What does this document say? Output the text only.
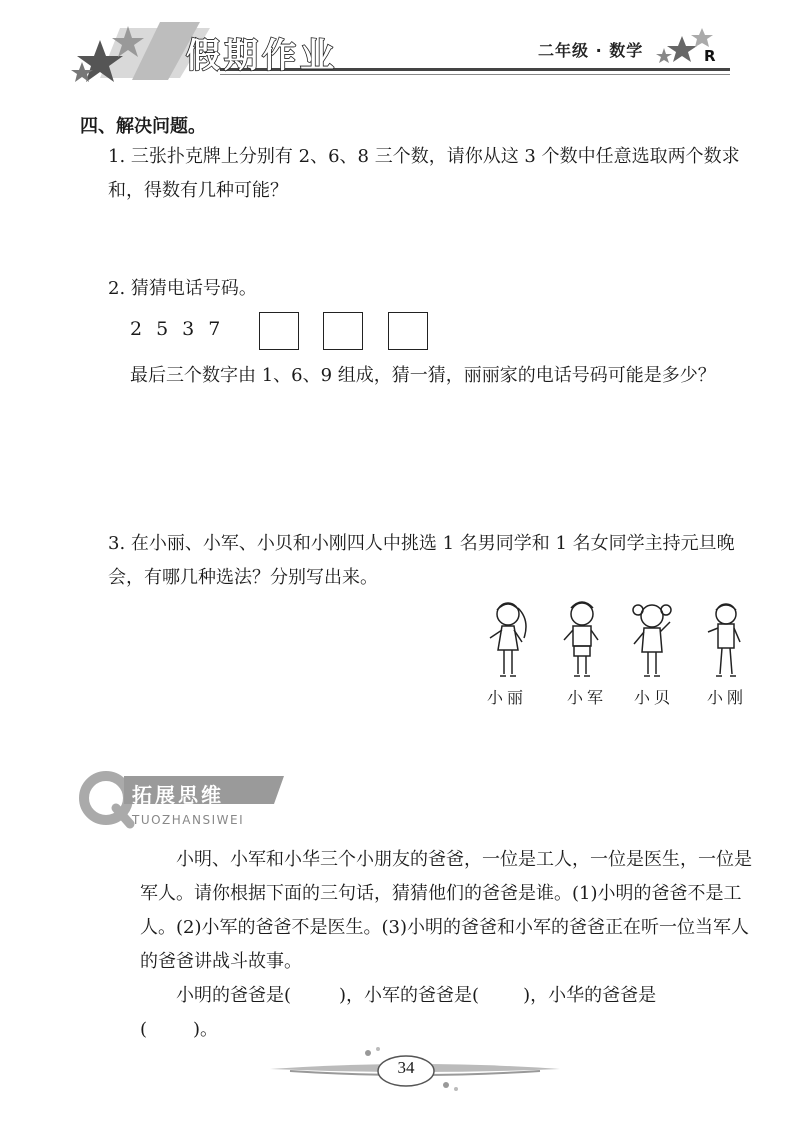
假期作业	二年级 · 数学	R
四、解决问题。
1. 三张扑克牌上分别有 2、6、8 三个数，请你从这 3 个数中任意选取两个数求和，得数有几种可能？
2. 猜猜电话号码。
2537
最后三个数字由 1、6、9 组成，猜一猜，丽丽家的电话号码可能是多少？
3. 在小丽、小军、小贝和小刚四人中挑选 1 名男同学和 1 名女同学主持元旦晚会，有哪几种选法？分别写出来。
小丽 小军 小贝 小刚
拓展思维
TUOZHANSIWEI
小明、小军和小华三个小朋友的爸爸，一位是工人，一位是医生，一位是军人。请你根据下面的三句话，猜猜他们的爸爸是谁。(1)小明的爸爸不是工人。(2)小军的爸爸不是医生。(3)小明的爸爸和小军的爸爸正在听一位当军人的爸爸讲战斗故事。
小明的爸爸是(	)，小军的爸爸是( )，小华的爸爸是
(	)。
34
